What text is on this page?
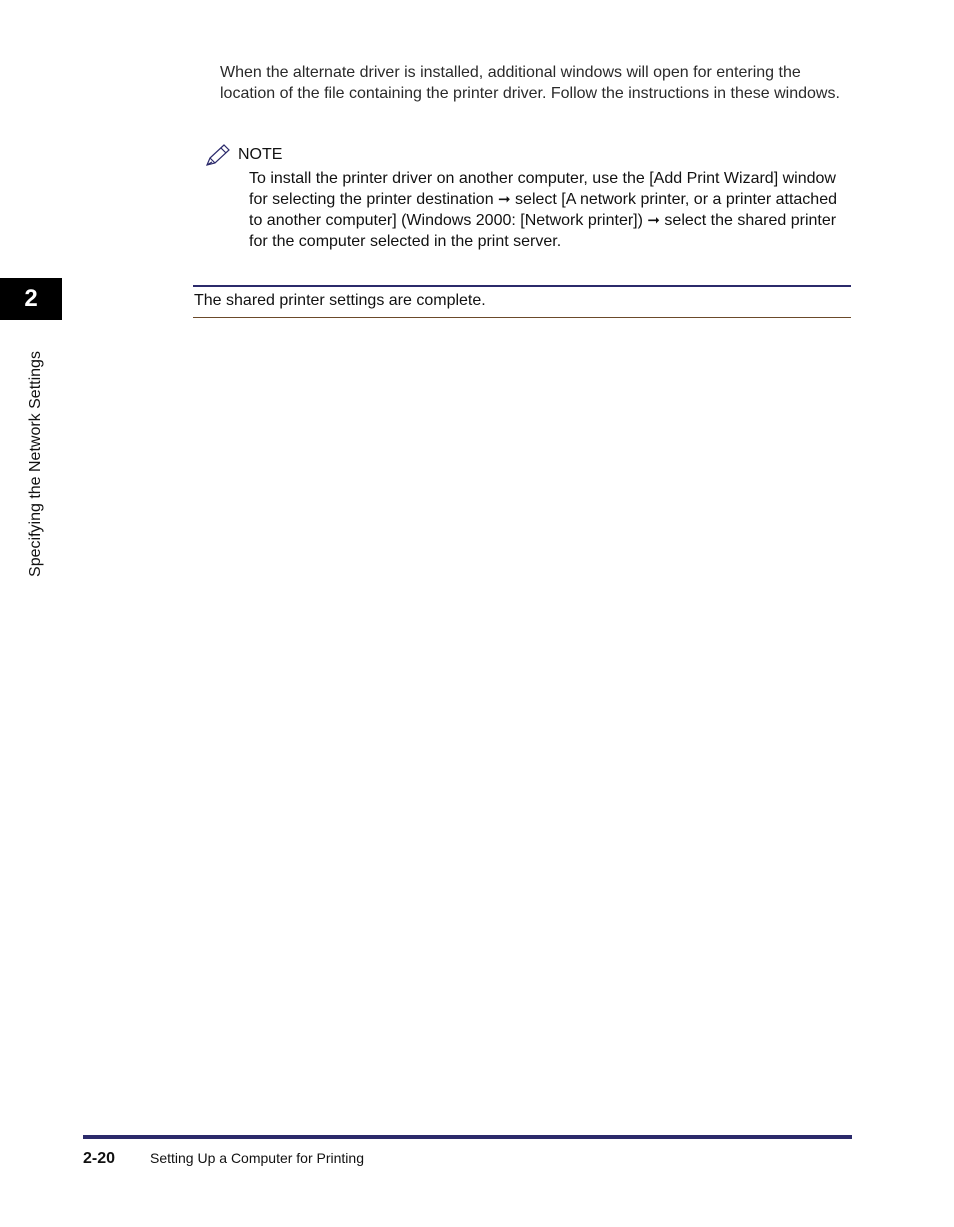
When the alternate driver is installed, additional windows will open for entering the location of the file containing the printer driver. Follow the instructions in these windows.

NOTE

To install the printer driver on another computer, use the [Add Print Wizard] window for selecting the printer destination ➞ select [A network printer, or a printer attached to another computer] (Windows 2000: [Network printer]) ➞ select the shared printer for the computer selected in the print server.

The shared printer settings are complete.
2
Specifying the Network Settings
2-20 Setting Up a Computer for Printing
